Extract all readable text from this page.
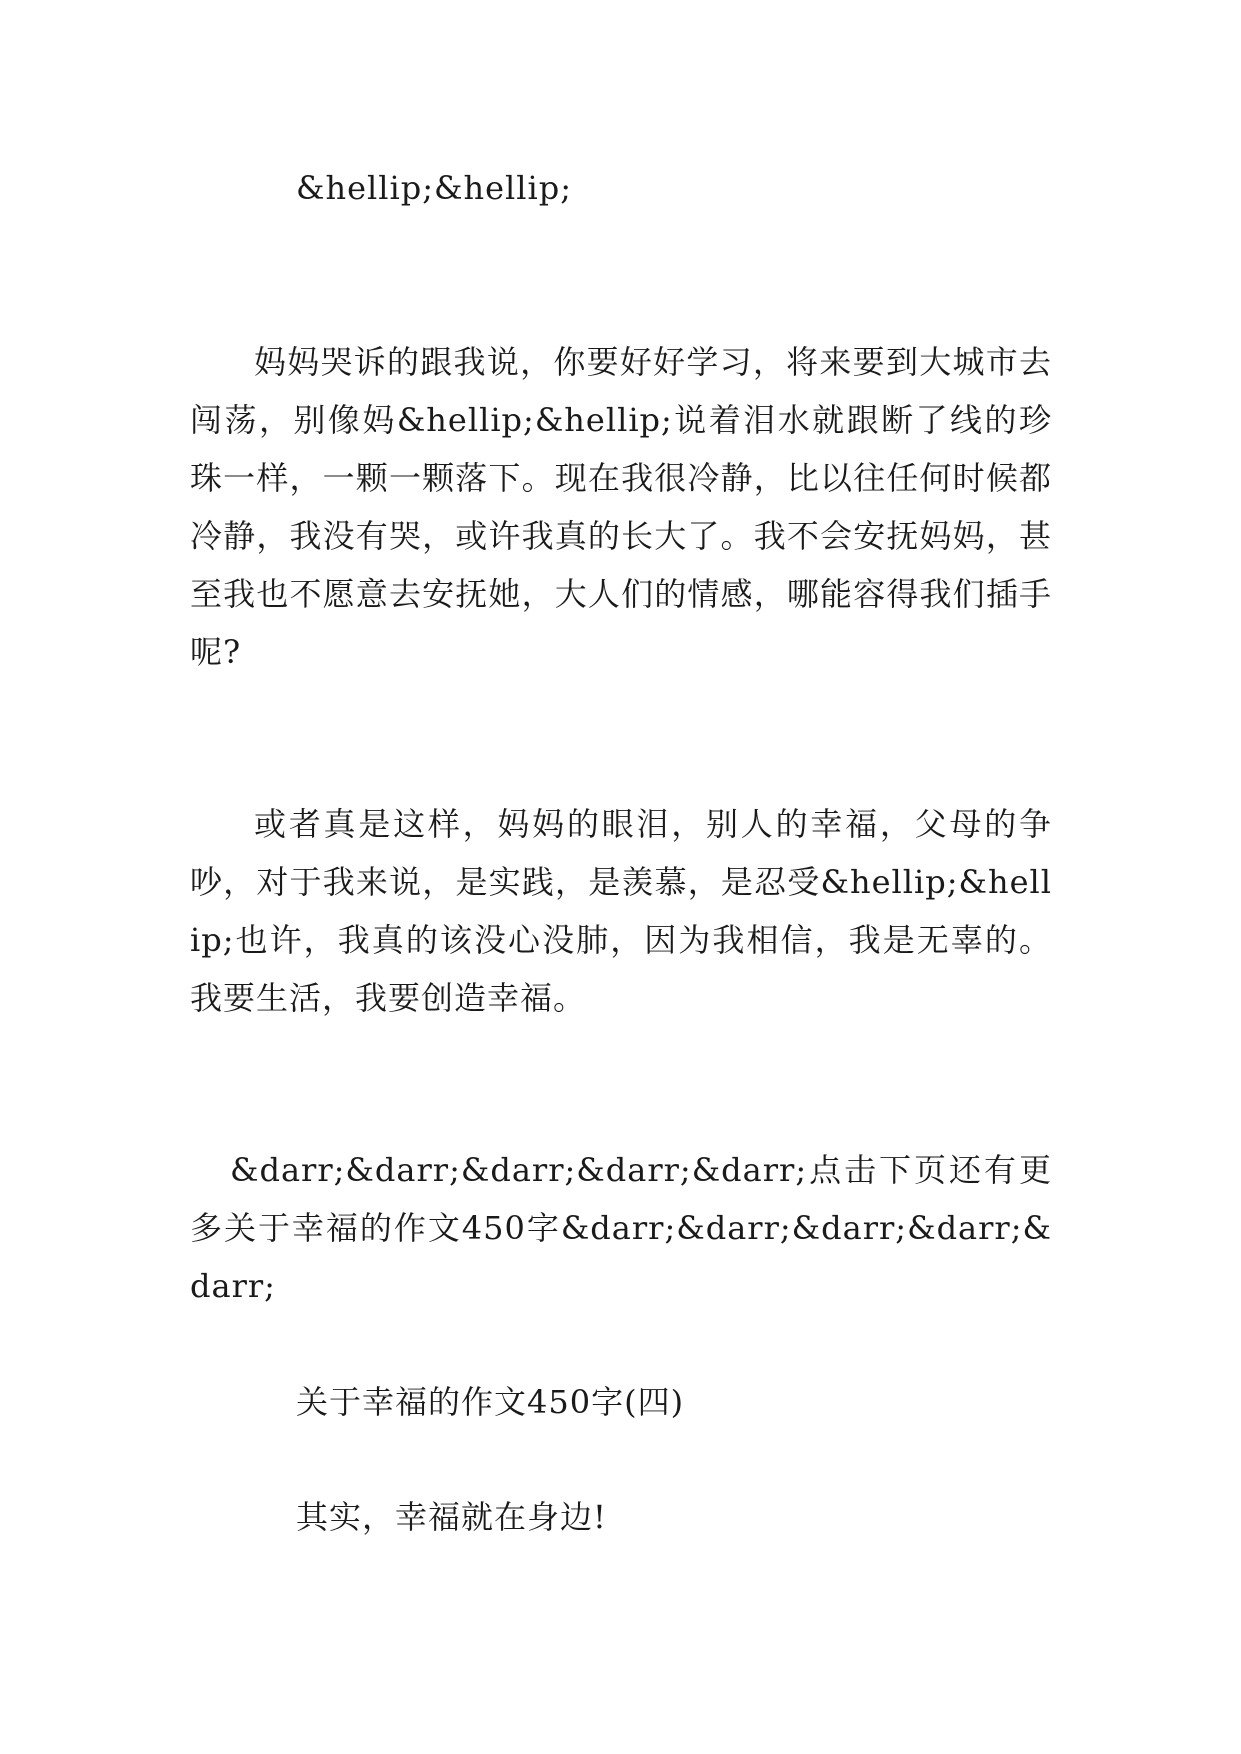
&hellip;&hellip;

妈妈哭诉的跟我说，你要好好学习，将来要到大城市去闯荡，别像妈&hellip;&hellip;说着泪水就跟断了线的珍珠一样，一颗一颗落下。现在我很冷静，比以往任何时候都冷静，我没有哭，或许我真的长大了。我不会安抚妈妈，甚至我也不愿意去安抚她，大人们的情感，哪能容得我们插手呢?

或者真是这样，妈妈的眼泪，别人的幸福，父母的争吵，对于我来说，是实践，是羡慕，是忍受&hellip;&hellip;也许，我真的该没心没肺，因为我相信，我是无辜的。我要生活，我要创造幸福。

&darr;&darr;&darr;&darr;&darr;点击下页还有更多关于幸福的作文450字&darr;&darr;&darr;&darr;&darr;

关于幸福的作文450字(四)

其实，幸福就在身边!
